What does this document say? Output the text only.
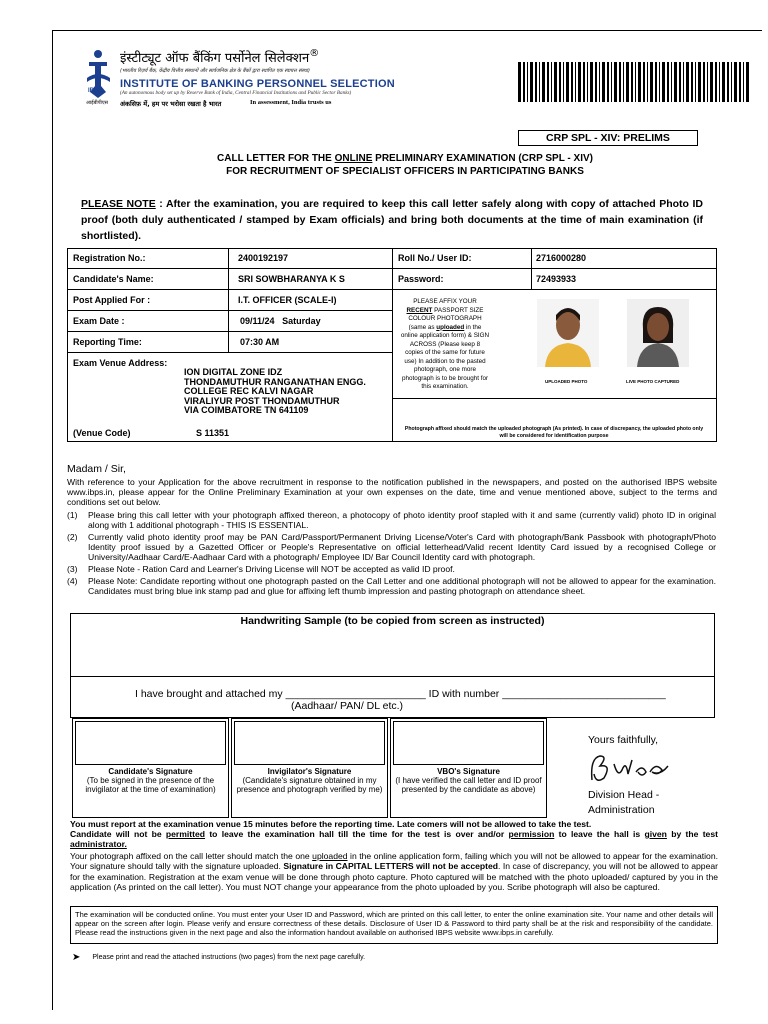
IBPS
इंस्टीट्यूट ऑफ बैंकिंग पर्सोनेल सिलेक्शन®
(भारतीय रिज़र्व बैंक, केंद्रीय वित्तीय संस्थानों और सार्वजनिक क्षेत्र के बैंकों द्वारा स्थापित एक स्वायत्त संस्था)
INSTITUTE OF BANKING PERSONNEL SELECTION
(An autonomous body set up by Reserve Bank of India, Central Financial Institutions and Public Sector Banks)
अंकसिफ़ में, हम पर भरोसा रखता है भारत	In assessment, India trusts us
आईबीपीएस
CRP SPL - XIV: PRELIMS
CALL LETTER FOR THE ONLINE PRELIMINARY EXAMINATION (CRP SPL - XIV)
FOR RECRUITMENT OF SPECIALIST OFFICERS IN PARTICIPATING BANKS
PLEASE NOTE : After the examination, you are required to keep this call letter safely along with copy of attached Photo ID proof (both duly authenticated / stamped by Exam officials) and bring both documents at the time of main examination (if shortlisted).
Registration No.:	2400192197	Roll No./ User ID:	2716000280
Candidate's Name:	SRI SOWBHARANYA K S	Password:	72493933
Post Applied For :	I.T. OFFICER (SCALE-I)
Exam Date :	09/11/24 Saturday
Reporting Time:	07:30 AM
Exam Venue Address:
ION DIGITAL ZONE IDZ
THONDAMUTHUR RANGANATHAN ENGG.
COLLEGE REC KALVI NAGAR
VIRALIYUR POST THONDAMUTHUR
VIA COIMBATORE TN 641109
(Venue Code)	S 11351
PLEASE AFFIX YOUR
RECENT PASSPORT SIZE COLOUR PHOTOGRAPH (same as uploaded in the online application form) & SIGN ACROSS (Please keep 8 copies of the same for future use) In addition to the pasted photograph, one more photograph is to be brought for this examination.
UPLOADED PHOTO	LIVE PHOTO CAPTURED
Photograph affixed should match the uploaded photograph (As printed). In case of discrepancy, the uploaded photo only will be considered for identification purpose
Madam / Sir,
With reference to your Application for the above recruitment in response to the notification published in the newspapers, and posted on the authorised IBPS website www.ibps.in, please appear for the Online Preliminary Examination at your own expenses on the date, time and venue mentioned above, subject to the terms and conditions set out below.
(1) Please bring this call letter with your photograph affixed thereon, a photocopy of photo identity proof stapled with it and same (currently valid) photo ID in original along with 1 additional photograph - THIS IS ESSENTIAL.
(2) Currently valid photo identity proof may be PAN Card/Passport/Permanent Driving License/Voter's Card with photograph/Bank Passbook with photograph/Photo Identity proof issued by a Gazetted Officer or People's Representative on official letterhead/Valid recent Identity Card issued by a recognised College or University/Aadhaar Card/E-Aadhaar Card with a photograph/ Employee ID/ Bar Council Identity card with photograph.
(3) Please Note - Ration Card and Learner's Driving License will NOT be accepted as valid ID proof.
(4) Please Note: Candidate reporting without one photograph pasted on the Call Letter and one additional photograph will not be allowed to appear for the examination. Candidates must bring blue ink stamp pad and glue for affixing left thumb impression and pasting photograph on attendance sheet.
Handwriting Sample (to be copied from screen as instructed)
I have brought and attached my ________________________ ID with number ____________________________
(Aadhaar/ PAN/ DL etc.)
Candidate's Signature
(To be signed in the presence of the invigilator at the time of examination)
Invigilator's Signature
(Candidate's signature obtained in my presence and photograph verified by me)
VBO's Signature
(I have verified the call letter and ID proof presented by the candidate as above)
Yours faithfully,
Division Head - Administration
You must report at the examination venue 15 minutes before the reporting time. Late comers will not be allowed to take the test.
Candidate will not be permitted to leave the examination hall till the time for the test is over and/or permission to leave the hall is given by the test administrator.
Your photograph affixed on the call letter should match the one uploaded in the online application form, failing which you will not be allowed to appear for the examination. Your signature should tally with the signature uploaded. Signature in CAPITAL LETTERS will not be accepted. In case of discrepancy, you will not be allowed to appear for the examination. Registration at the exam venue will be done through photo capture. Photo captured will be matched with the photo uploaded/ captured by you in the application (As printed on the call letter). You must NOT change your appearance from the photo uploaded by you. Scribe photograph will also be captured.
The examination will be conducted online. You must enter your User ID and Password, which are printed on this call letter, to enter the online examination site. Your name and other details will appear on the screen after login. Please verify and ensure correctness of these details. Disclosure of User ID & Password to third party shall be at the risk and responsibility of the candidate. Please read the instructions given in the next page and also the information handout available on authorised IBPS website www.ibps.in carefully.
➤ Please print and read the attached instructions (two pages) from the next page carefully.
